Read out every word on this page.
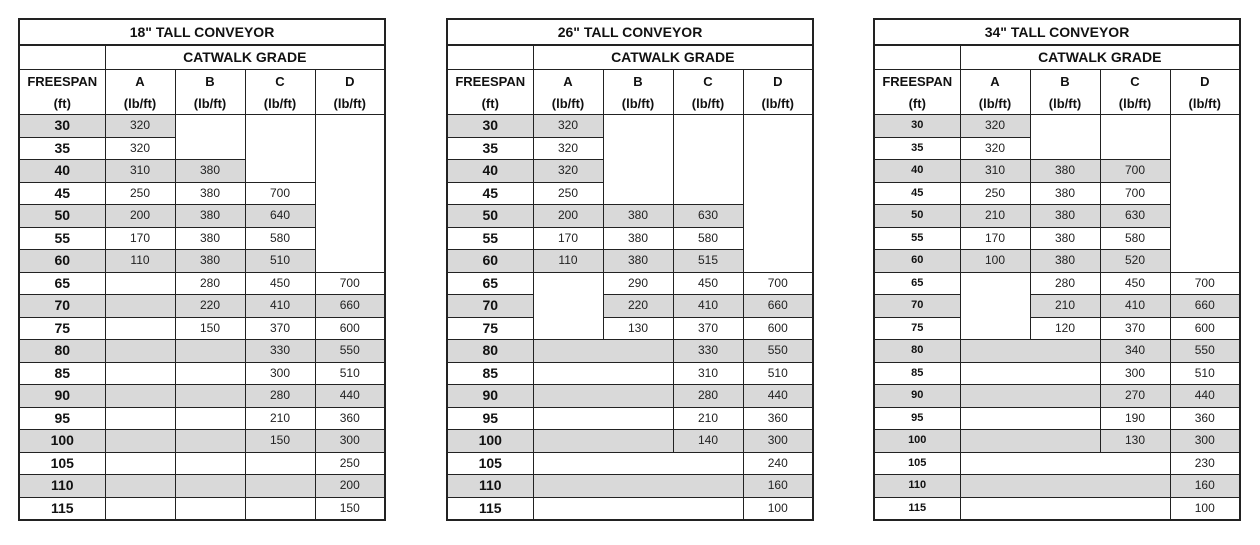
18" TALL CONVEYOR				
	CATWALK GRADE			
FREESPAN	A	B	C	D
(ft)	(lb/ft)	(lb/ft)	(lb/ft)	(lb/ft)
30	320			
35	320			
40	310	380		
45	250	380	700	
50	200	380	640	
55	170	380	580	
60	110	380	510	
65		280	450	700
70		220	410	660
75		150	370	600
80			330	550
85			300	510
90			280	440
95			210	360
100			150	300
105				250
110				200
115				150
26" TALL CONVEYOR				
	CATWALK GRADE			
FREESPAN	A	B	C	D
(ft)	(lb/ft)	(lb/ft)	(lb/ft)	(lb/ft)
30	320			
35	320			
40	320			
45	250			
50	200	380	630	
55	170	380	580	
60	110	380	515	
65		290	450	700
70		220	410	660
75		130	370	600
80			330	550
85			310	510
90			280	440
95			210	360
100			140	300
105				240
110				160
115				100
34" TALL CONVEYOR				
	CATWALK GRADE			
FREESPAN	A	B	C	D
(ft)	(lb/ft)	(lb/ft)	(lb/ft)	(lb/ft)
30	320			
35	320			
40	310	380	700	
45	250	380	700	
50	210	380	630	
55	170	380	580	
60	100	380	520	
65		280	450	700
70		210	410	660
75		120	370	600
80			340	550
85			300	510
90			270	440
95			190	360
100			130	300
105				230
110				160
115				100
